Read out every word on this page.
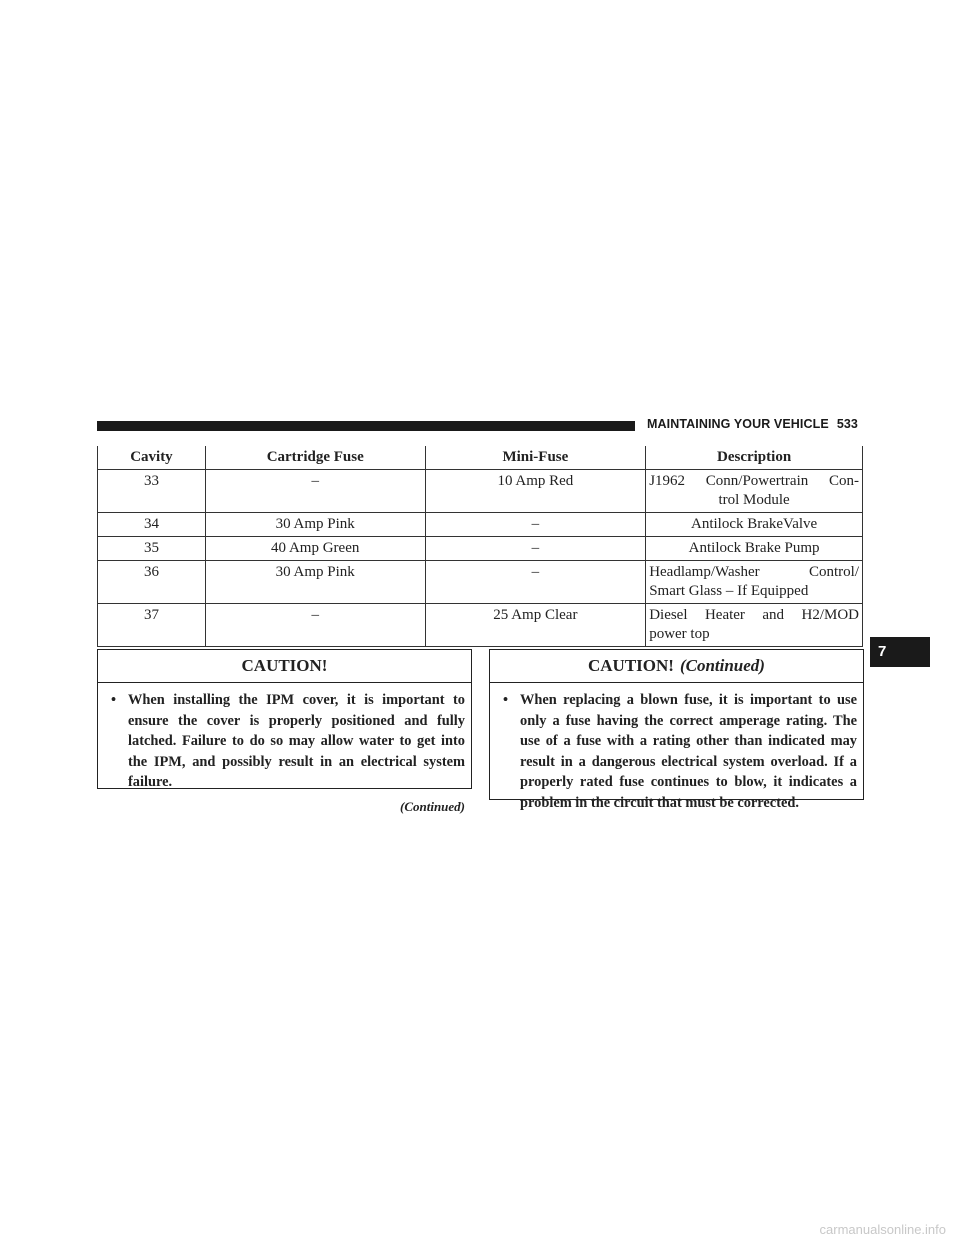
MAINTAINING YOUR VEHICLE 533
Cavity	Cartridge Fuse	Mini-Fuse	Description
33	–	10 Amp Red	J1962 Conn/Powertrain Con-
trol Module

34	30 Amp Pink	–	Antilock BrakeValve
35	40 Amp Green	–	Antilock Brake Pump
36	30 Amp Pink	–	Headlamp/Washer Control/
Smart Glass – If Equipped

37	–	25 Amp Clear	Diesel Heater and H2/MOD
power top
CAUTION!
• When installing the IPM cover, it is important to ensure the cover is properly positioned and fully latched. Failure to do so may allow water to get into the IPM, and possibly result in an electrical system failure.
(Continued)
CAUTION! (Continued)
• When replacing a blown fuse, it is important to use only a fuse having the correct amperage rating. The use of a fuse with a rating other than indicated may result in a dangerous electrical system overload. If a properly rated fuse continues to blow, it indicates a problem in the circuit that must be corrected.
7
carmanualsonline.info
